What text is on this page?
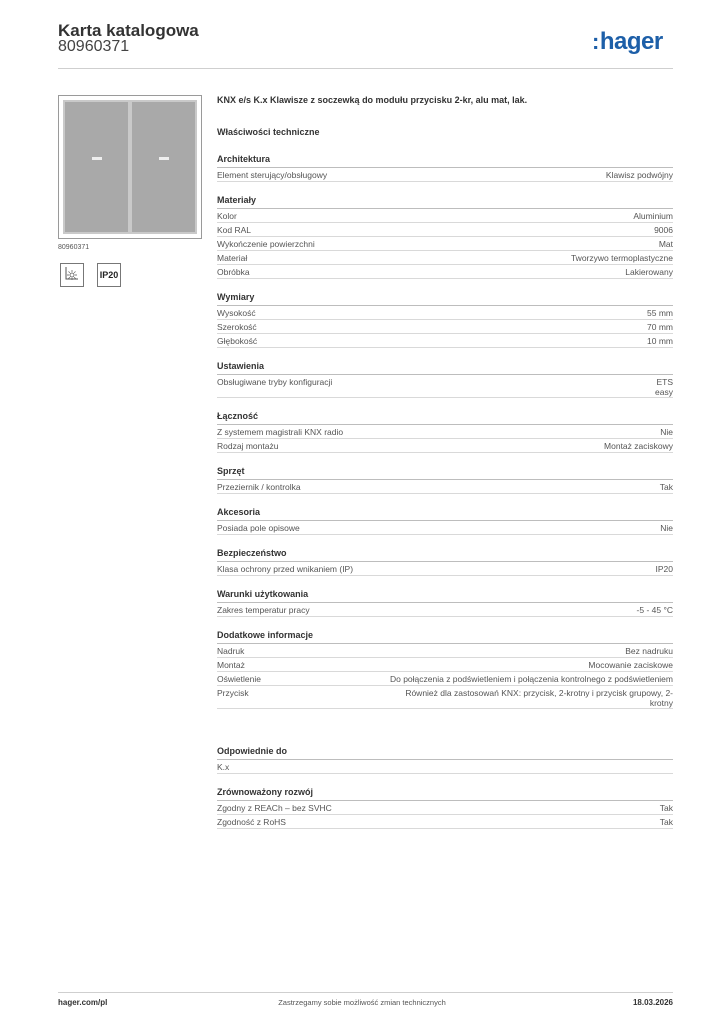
Karta katalogowa
80960371	:hager
80960371
IP20
KNX e/s K.x Klawisze z soczewką do modułu przycisku 2-kr, alu mat, lak.
Właściwości techniczne
Architektura
Element sterujący/obsługowy	Klawisz podwójny
Materiały
Kolor	Aluminium
Kod RAL	9006
Wykończenie powierzchni	Mat
Materiał	Tworzywo termoplastyczne
Obróbka	Lakierowany
Wymiary
Wysokość	55 mm
Szerokość	70 mm
Głębokość	10 mm
Ustawienia
Obsługiwane tryby konfiguracji	ETS
easy
Łączność
Z systemem magistrali KNX radio	Nie
Rodzaj montażu	Montaż zaciskowy
Sprzęt
Przeziernik / kontrolka	Tak
Akcesoria
Posiada pole opisowe	Nie
Bezpieczeństwo
Klasa ochrony przed wnikaniem (IP)	IP20
Warunki użytkowania
Zakres temperatur pracy	-5 - 45 °C
Dodatkowe informacje
Nadruk	Bez nadruku
Montaż	Mocowanie zaciskowe
Oświetlenie	Do połączenia z podświetleniem i połączenia kontrolnego z podświetleniem
Przycisk	Również dla zastosowań KNX: przycisk, 2-krotny i przycisk grupowy, 2-krotny
Odpowiednie do
K.x
Zrównoważony rozwój
Zgodny z REACh – bez SVHC	Tak
Zgodność z RoHS	Tak
hager.com/pl	Zastrzegamy sobie możliwość zmian technicznych	18.03.2026
